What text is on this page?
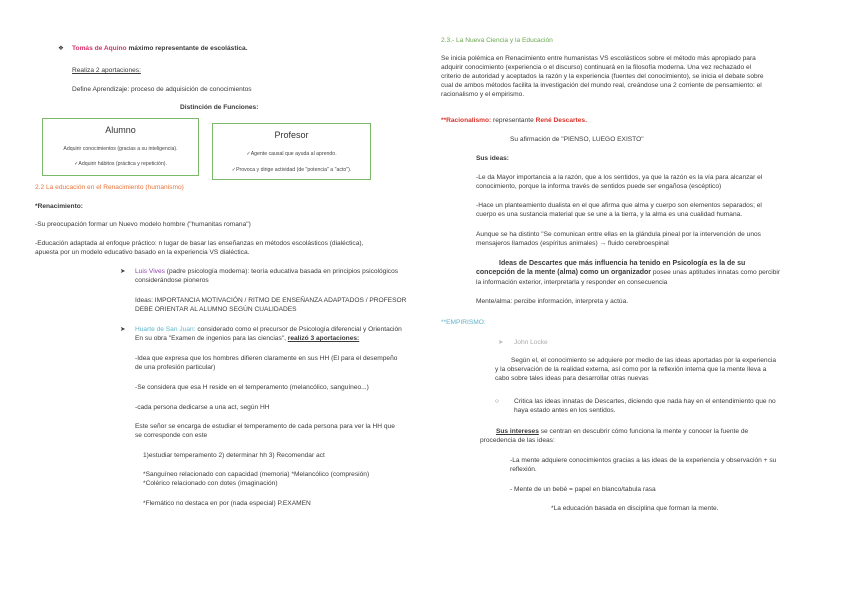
❖ Tomás de Aquino máximo representante de escolástica.
Realiza 2 aportaciones:
Define Aprendizaje: proceso de adquisición de conocimientos
Distinción de Funciones:
Alumno
Adquirir conocimientos (gracias a su inteligencia).
✓Adquirir hábitos (práctica y repetición).
Profesor
✓Agente causal que ayuda al aprendo.
✓Provoca y dirige actividad (de "potencia" a "acto").
2.2 La educación en el Renacimiento (humanismo)
*Renacimiento:
-Su preocupación formar un Nuevo modelo hombre ("humanitas romana")
-Educación adaptada al enfoque práctico: n lugar de basar las enseñanzas en métodos escolásticos (dialéctica),
apuesta por un modelo educativo basado en la experiencia VS dialéctica.
➤ Luis Vives (padre psicología moderna): teoría educativa basada en principios psicológicos
considerándose pioneros
Ideas: IMPORTANCIA MOTIVACIÓN / RITMO DE ENSEÑANZA ADAPTADOS / PROFESOR
DEBE ORIENTAR AL ALUMNO SEGÚN CUALIDADES
➤ Huarte de San Juan: considerado como el precursor de Psicología diferencial y Orientación
En su obra "Examen de ingenios para las ciencias", realizó 3 aportaciones:
-Idea que expresa que los hombres difieren claramente en sus HH (El para el desempeño
de una profesión particular)
-Se considera que esa H reside en el temperamento (melancólico, sanguíneo...)
-cada persona dedicarse a una act, según HH
Este señor se encarga de estudiar el temperamento de cada persona para ver la HH que
se corresponde con este
1)estudiar temperamento 2) determinar hh 3) Recomendar act
*Sanguíneo relacionado con capacidad (memoria) *Melancólico (compresión)
*Colérico relacionado con dotes (imaginación)
*Flemático no destaca en por (nada especial) P.EXAMEN
2.3.- La Nueva Ciencia y la Educación
Se inicia polémica en Renacimiento entre humanistas VS escolásticos sobre el método más apropiado para
adquirir conocimiento (experiencia o el discurso) continuará en la filosofía moderna. Una vez rechazado el
criterio de autoridad y aceptados la razón y la experiencia (fuentes del conocimiento), se inicia el debate sobre
cual de ambos métodos facilita la investigación del mundo real, creándose una 2 corriente de pensamiento: el
racionalismo y el empirismo.
**Racionalismo: representante René Descartes.
Su afirmación de "PIENSO, LUEGO EXISTO"
Sus ideas:
-Le da Mayor importancia a la razón, que a los sentidos, ya que la razón es la vía para alcanzar el
conocimiento, porque la informa través de sentidos puede ser engañosa (escéptico)
-Hace un planteamiento dualista en el que afirma que alma y cuerpo son elementos separados; el
cuerpo es una sustancia material que se une a la tierra, y la alma es una cualidad humana.
Aunque se ha distinto "Se comunican entre ellas en la glándula pineal por la intervención de unos
mensajeros llamados (espíritus animales) → fluido cerebroespinal
Ideas de Descartes que más influencia ha tenido en Psicología es la de su
concepción de la mente (alma) como un organizador posee unas aptitudes innatas como percibir
la información exterior, interpretarla y responder en consecuencia
Mente/alma: percibe información, interpreta y actúa.
**EMPIRISMO:
➤ John Locke
Según el, el conocimiento se adquiere por medio de las ideas aportadas por la experiencia
y la observación de la realidad externa, así como por la reflexión interna que la mente lleva a
cabo sobre tales ideas para desarrollar otras nuevas
○ Critica las ideas innatas de Descartes, diciendo que nada hay en el entendimiento que no
haya estado antes en los sentidos.
Sus intereses se centran en descubrir cómo funciona la mente y conocer la fuente de
procedencia de las ideas:
-La mente adquiere conocimientos gracias a las ideas de la experiencia y observación + su
reflexión.
- Mente de un bebé = papel en blanco/tabula rasa
*La educación basada en disciplina que forman la mente.
